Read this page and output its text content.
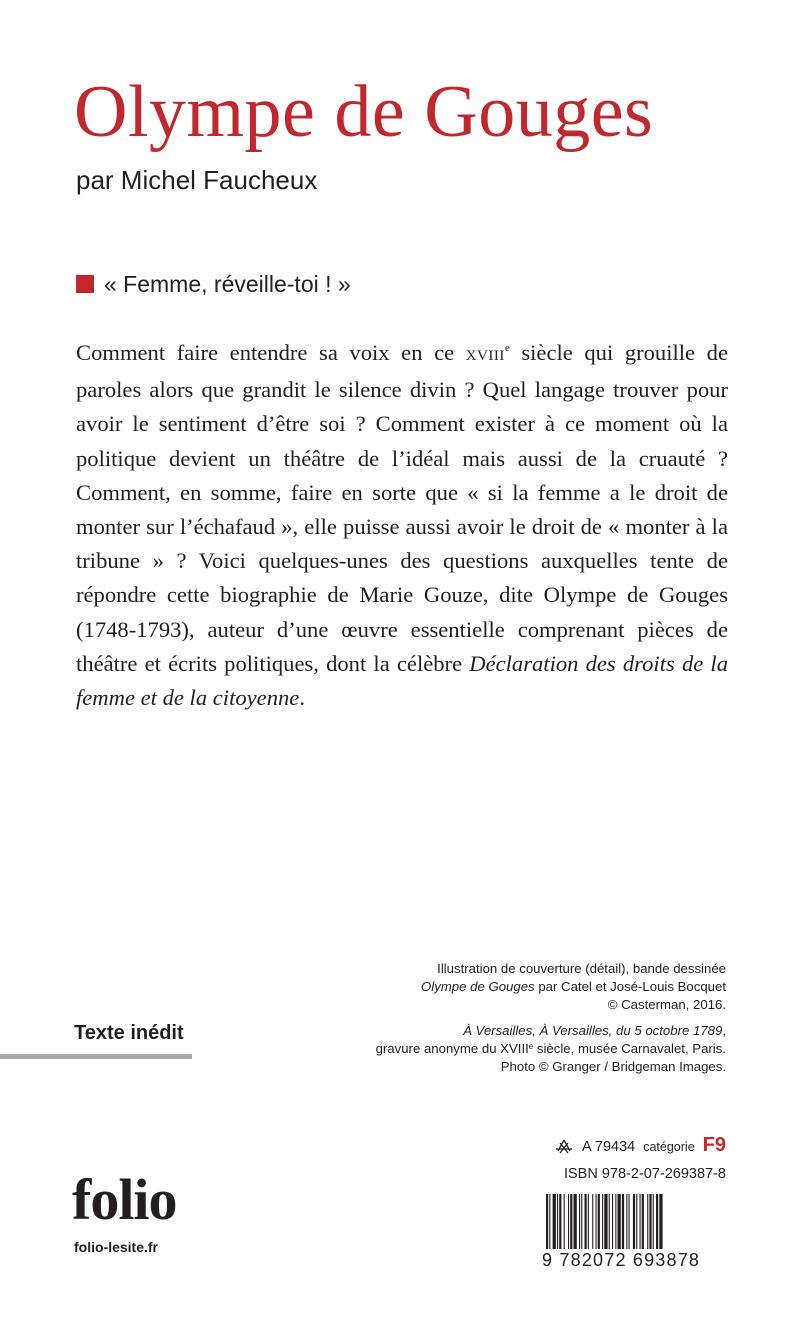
Olympe de Gouges
par Michel Faucheux
« Femme, réveille-toi ! »
Comment faire entendre sa voix en ce XVIIIe siècle qui grouille de paroles alors que grandit le silence divin ? Quel langage trouver pour avoir le sentiment d’être soi ? Comment exister à ce moment où la politique devient un théâtre de l’idéal mais aussi de la cruauté ? Comment, en somme, faire en sorte que « si la femme a le droit de monter sur l’échafaud », elle puisse aussi avoir le droit de « monter à la tribune » ? Voici quelques-unes des questions auxquelles tente de répondre cette biographie de Marie Gouze, dite Olympe de Gouges (1748-1793), auteur d’une œuvre essentielle comprenant pièces de théâtre et écrits politiques, dont la célèbre Déclaration des droits de la femme et de la citoyenne.

Illustration de couverture (détail), bande dessinée
Olympe de Gouges par Catel et José-Louis Bocquet
© Casterman, 2016.

À Versailles, À Versailles, du 5 octobre 1789,
gravure anonyme du XVIIIe siècle, musée Carnavalet, Paris.
Photo © Granger / Bridgeman Images.

Texte inédit
folio
folio-lesite.fr
A 79434 catégorie F9
ISBN 978-2-07-269387-8
9 782072 693878
